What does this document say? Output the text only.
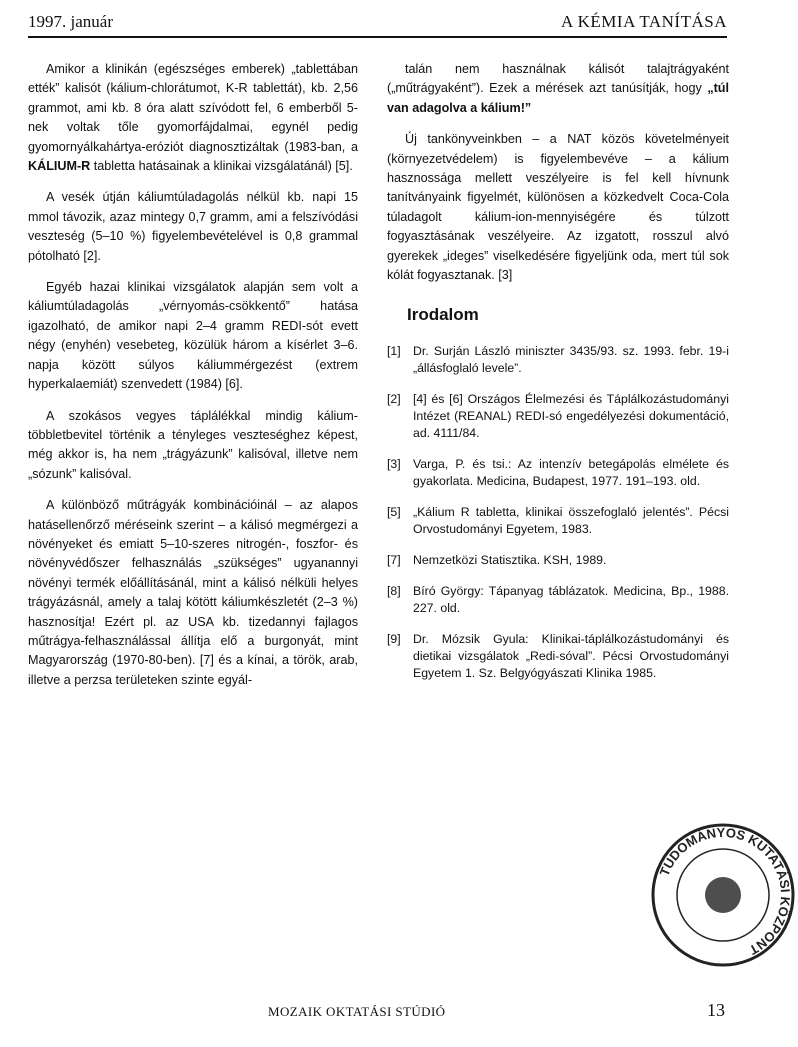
1997. január	A KÉMIA TANÍTÁSA

Amikor a klinikán (egészséges emberek) „tablettában ették” kalisót (kálium-chlorátumot, K-R tablettát), kb. 2,56 grammot, ami kb. 8 óra alatt szívódott fel, 6 emberből 5-nek voltak tőle gyomorfájdalmai, egynél pedig gyomornyálkahártya-eróziót diagnosztizáltak (1983-ban, a KÁLIUM-R tabletta hatásainak a klinikai vizsgálatánál) [5].

A vesék útján káliumtúladagolás nélkül kb. napi 15 mmol távozik, azaz mintegy 0,7 gramm, ami a felszívódási veszteség (5–10 %) figyelembevételével is 0,8 grammal pótolható [2].

Egyéb hazai klinikai vizsgálatok alapján sem volt a káliumtúladagolás „vérnyomás-csökkentő” hatása igazolható, de amikor napi 2–4 gramm REDI-sót evett négy (enyhén) vesebeteg, közülük három a kísérlet 3–6. napja között súlyos káliummérgezést (extrem hyperkalaemiát) szenvedett (1984) [6].

A szokásos vegyes táplálékkal mindig kálium-többletbevitel történik a tényleges veszteséghez képest, még akkor is, ha nem „trágyázunk” kalisóval, illetve nem „sózunk” kalisóval.

A különböző műtrágyák kombinációinál – az alapos hatásellenőrző méréseink szerint – a kálisó megmérgezi a növényeket és emiatt 5–10-szeres nitrogén-, foszfor- és növényvédőszer felhasználás „szükséges” ugyanannyi növényi termék előállításánál, mint a kálisó nélküli helyes trágyázásnál, amely a talaj kötött káliumkészletét (2–3 %) hasznosítja! Ezért pl. az USA kb. tizedannyi fajlagos műtrágya-felhasználással állítja elő a burgonyát, mint Magyarország (1970-80-ben). [7] és a kínai, a török, arab, illetve a perzsa területeken szinte egyál-

talán nem használnak kálisót talajtrágyaként („műtrágyaként”). Ezek a mérések azt tanúsítják, hogy „túl van adagolva a kálium!”

Új tankönyveinkben – a NAT közös követelményeit (környezetvédelem) is figyelembevéve – a kálium hasznossága mellett veszélyeire is fel kell hívnunk tanítványaink figyelmét, különösen a közkedvelt Coca-Cola túladagolt kálium-ion-mennyiségére és túlzott fogyasztásának veszélyeire. Az izgatott, rosszul alvó gyerekek „ideges” viselkedésére figyeljünk oda, mert túl sok kólát fogyasztanak. [3]

Irodalom
[1] Dr. Surján László miniszter 3435/93. sz. 1993. febr. 19-i „állásfoglaló levele”.
[2] [4] és [6] Országos Élelmezési és Táplálkozástudományi Intézet (REANAL) REDI-só engedélyezési dokumentáció, ad. 4111/84.
[3] Varga, P. és tsi.: Az intenzív betegápolás elmélete és gyakorlata. Medicina, Budapest, 1977. 191–193. old.
[5] „Kálium R tabletta, klinikai összefoglaló jelentés”. Pécsi Orvostudományi Egyetem, 1983.
[7] Nemzetközi Statisztika. KSH, 1989.
[8] Bíró György: Tápanyag táblázatok. Medicina, Bp., 1988. 227. old.
[9] Dr. Mózsik Gyula: Klinikai-táplálkozástudományi és dietikai vizsgálatok „Redi-sóval”. Pécsi Orvostudományi Egyetem 1. Sz. Belgyógyászati Klinika 1985.
TUDOMÁNYOS KUTATÁSI KÖZPONT
MOZAIK OKTATÁSI STÚDIÓ	13
